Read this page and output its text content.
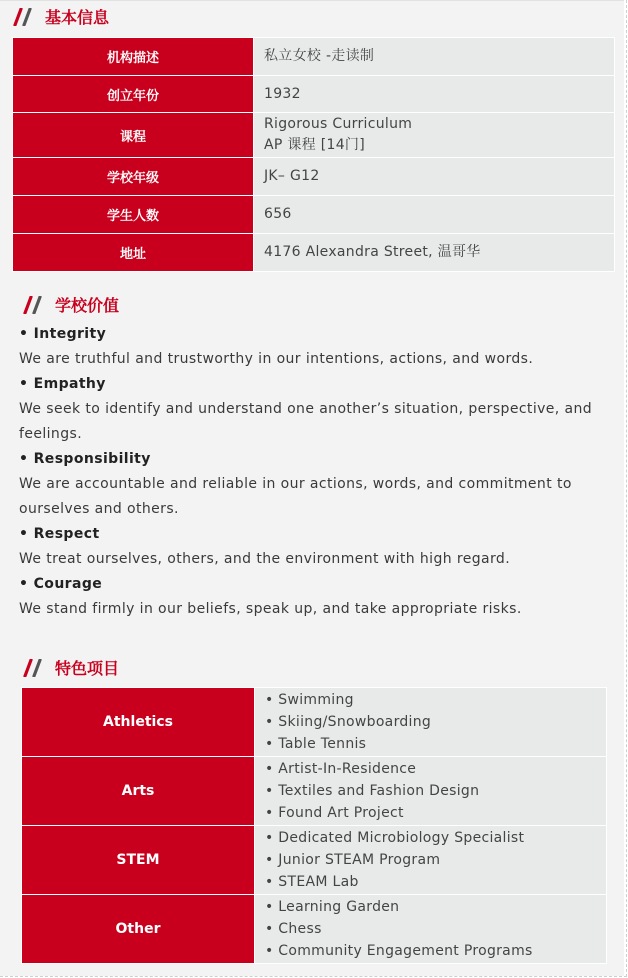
基本信息
机构描述	私立女校 -走读制

创立年份	1932

课程	Rigorous Curriculum
AP 课程 [14门]

学校年级	JK– G12

学生人数	656

地址	4176 Alexandra Street, 温哥华
学校价值
• Integrity
We are truthful and trustworthy in our intentions, actions, and words.
• Empathy
We seek to identify and understand one another’s situation, perspective, and
feelings.
• Responsibility
We are accountable and reliable in our actions, words, and commitment to
ourselves and others.
• Respect
We treat ourselves, others, and the environment with high regard.
• Courage
We stand firmly in our beliefs, speak up, and take appropriate risks.
特色项目
Athletics	• Swimming
• Skiing/Snowboarding
• Table Tennis

Arts	• Artist-In-Residence
• Textiles and Fashion Design
• Found Art Project

STEM	• Dedicated Microbiology Specialist
• Junior STEAM Program
• STEAM Lab

Other	• Learning Garden
• Chess
• Community Engagement Programs
